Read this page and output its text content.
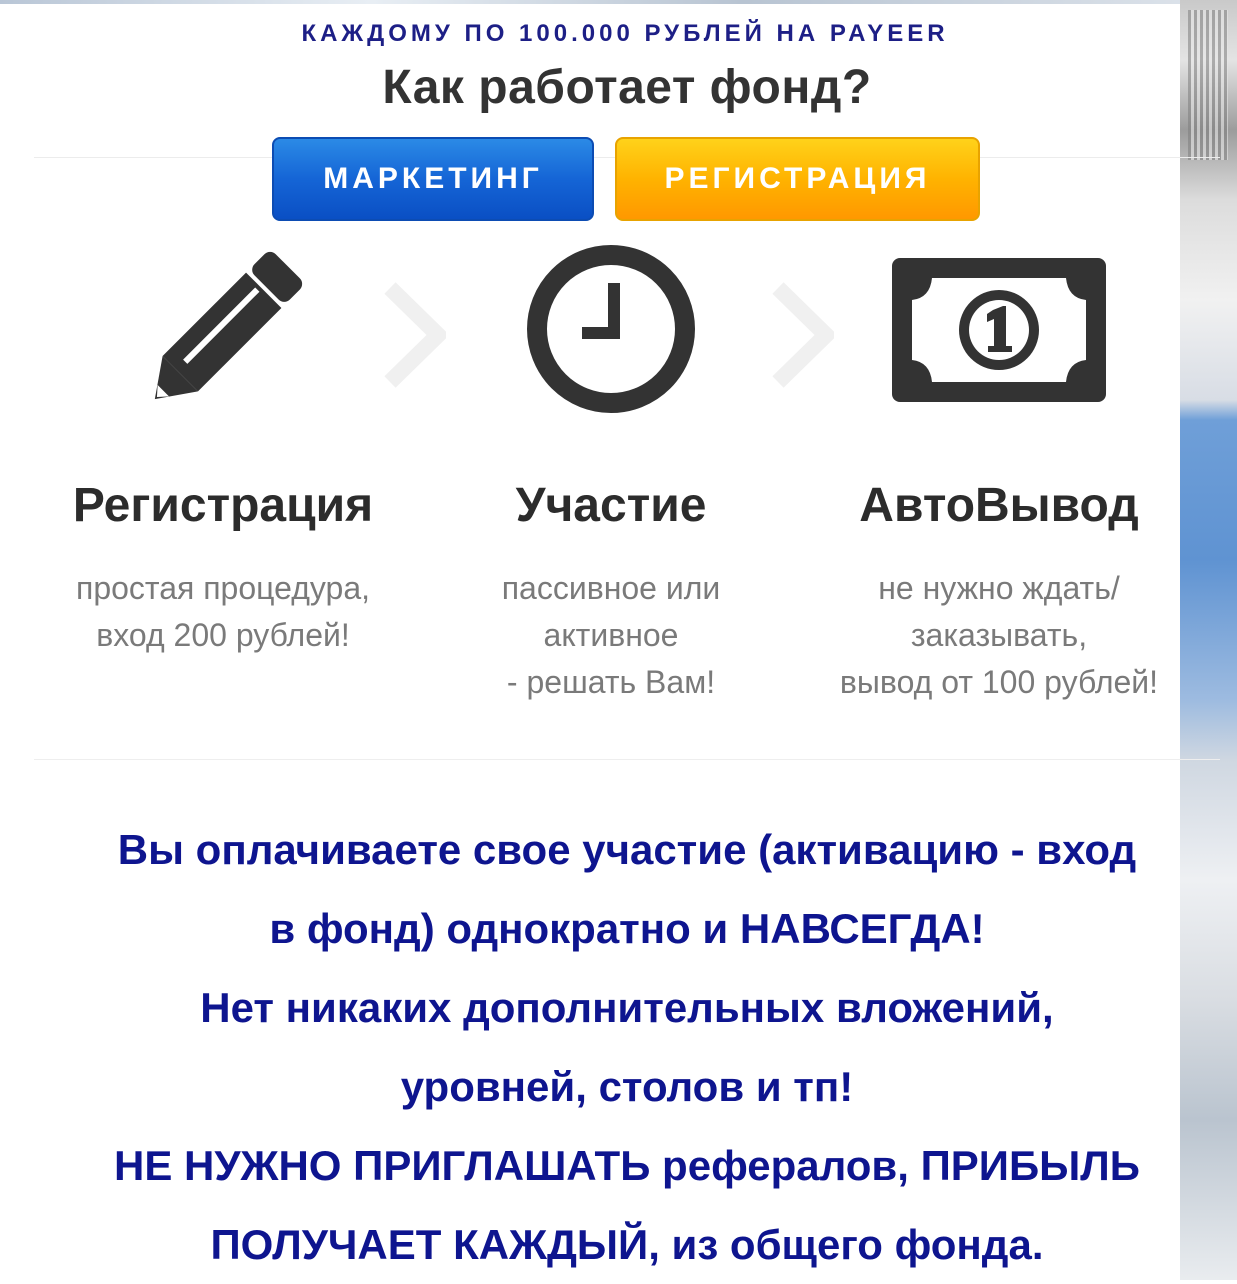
КАЖДОМУ ПО 100.000 РУБЛЕЙ НА PAYEER
Как работает фонд?
МАРКЕТИНГ	РЕГИСТРАЦИЯ
Регистрация	Участие	АвтоВывод
простая процедура,
вход 200 рублей!
пассивное или
активное
- решать Вам!
не нужно ждать/
заказывать,
вывод от 100 рублей!
Вы оплачиваете свое участие (активацию - вход
в фонд) однократно и НАВСЕГДА!
Нет никаких дополнительных вложений,
уровней, столов и тп!
НЕ НУЖНО ПРИГЛАШАТЬ рефералов, ПРИБЫЛЬ
ПОЛУЧАЕТ КАЖДЫЙ, из общего фонда.
